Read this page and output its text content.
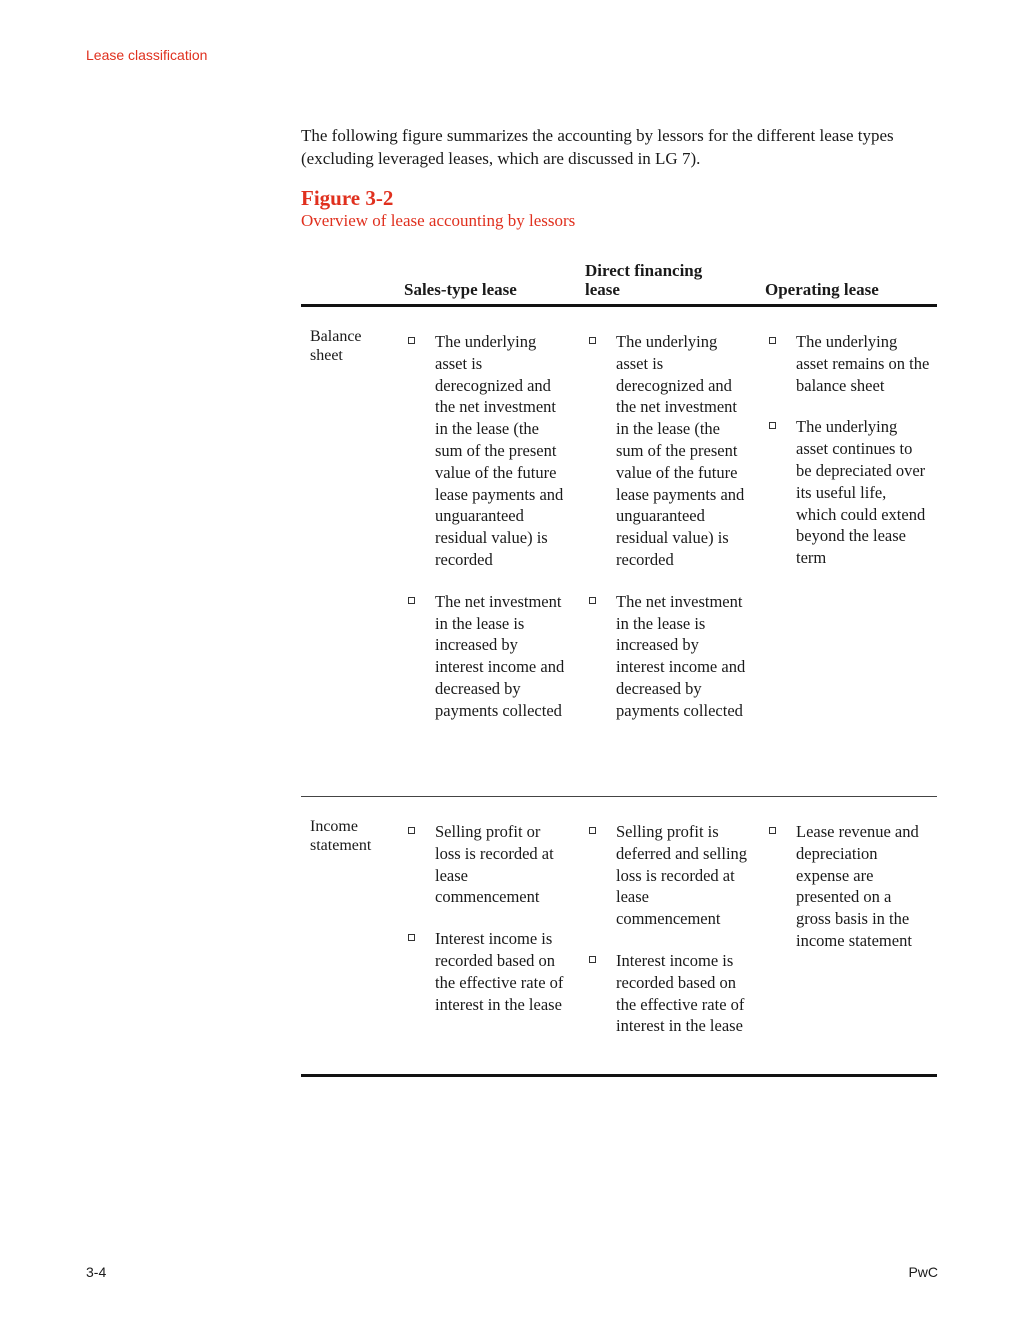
Lease classification
The following figure summarizes the accounting by lessors for the different lease types (excluding leveraged leases, which are discussed in LG 7).
Figure 3-2
Overview of lease accounting by lessors
Sales-type lease
Direct financing lease	Operating lease
Balance sheet
The underlying asset is derecognized and the net investment in the lease (the sum of the present value of the future lease payments and unguaranteed residual value) is recorded
The net investment in the lease is increased by interest income and decreased by payments collected
The underlying asset is derecognized and the net investment in the lease (the sum of the present value of the future lease payments and unguaranteed residual value) is recorded
The net investment in the lease is increased by interest income and decreased by payments collected
The underlying asset remains on the balance sheet
The underlying asset continues to be depreciated over its useful life, which could extend beyond the lease term
Income statement
Selling profit or loss is recorded at lease commencement
Interest income is recorded based on the effective rate of interest in the lease
Selling profit is deferred and selling loss is recorded at lease commencement
Interest income is recorded based on the effective rate of interest in the lease
Lease revenue and depreciation expense are presented on a gross basis in the income statement
3-4	PwC
